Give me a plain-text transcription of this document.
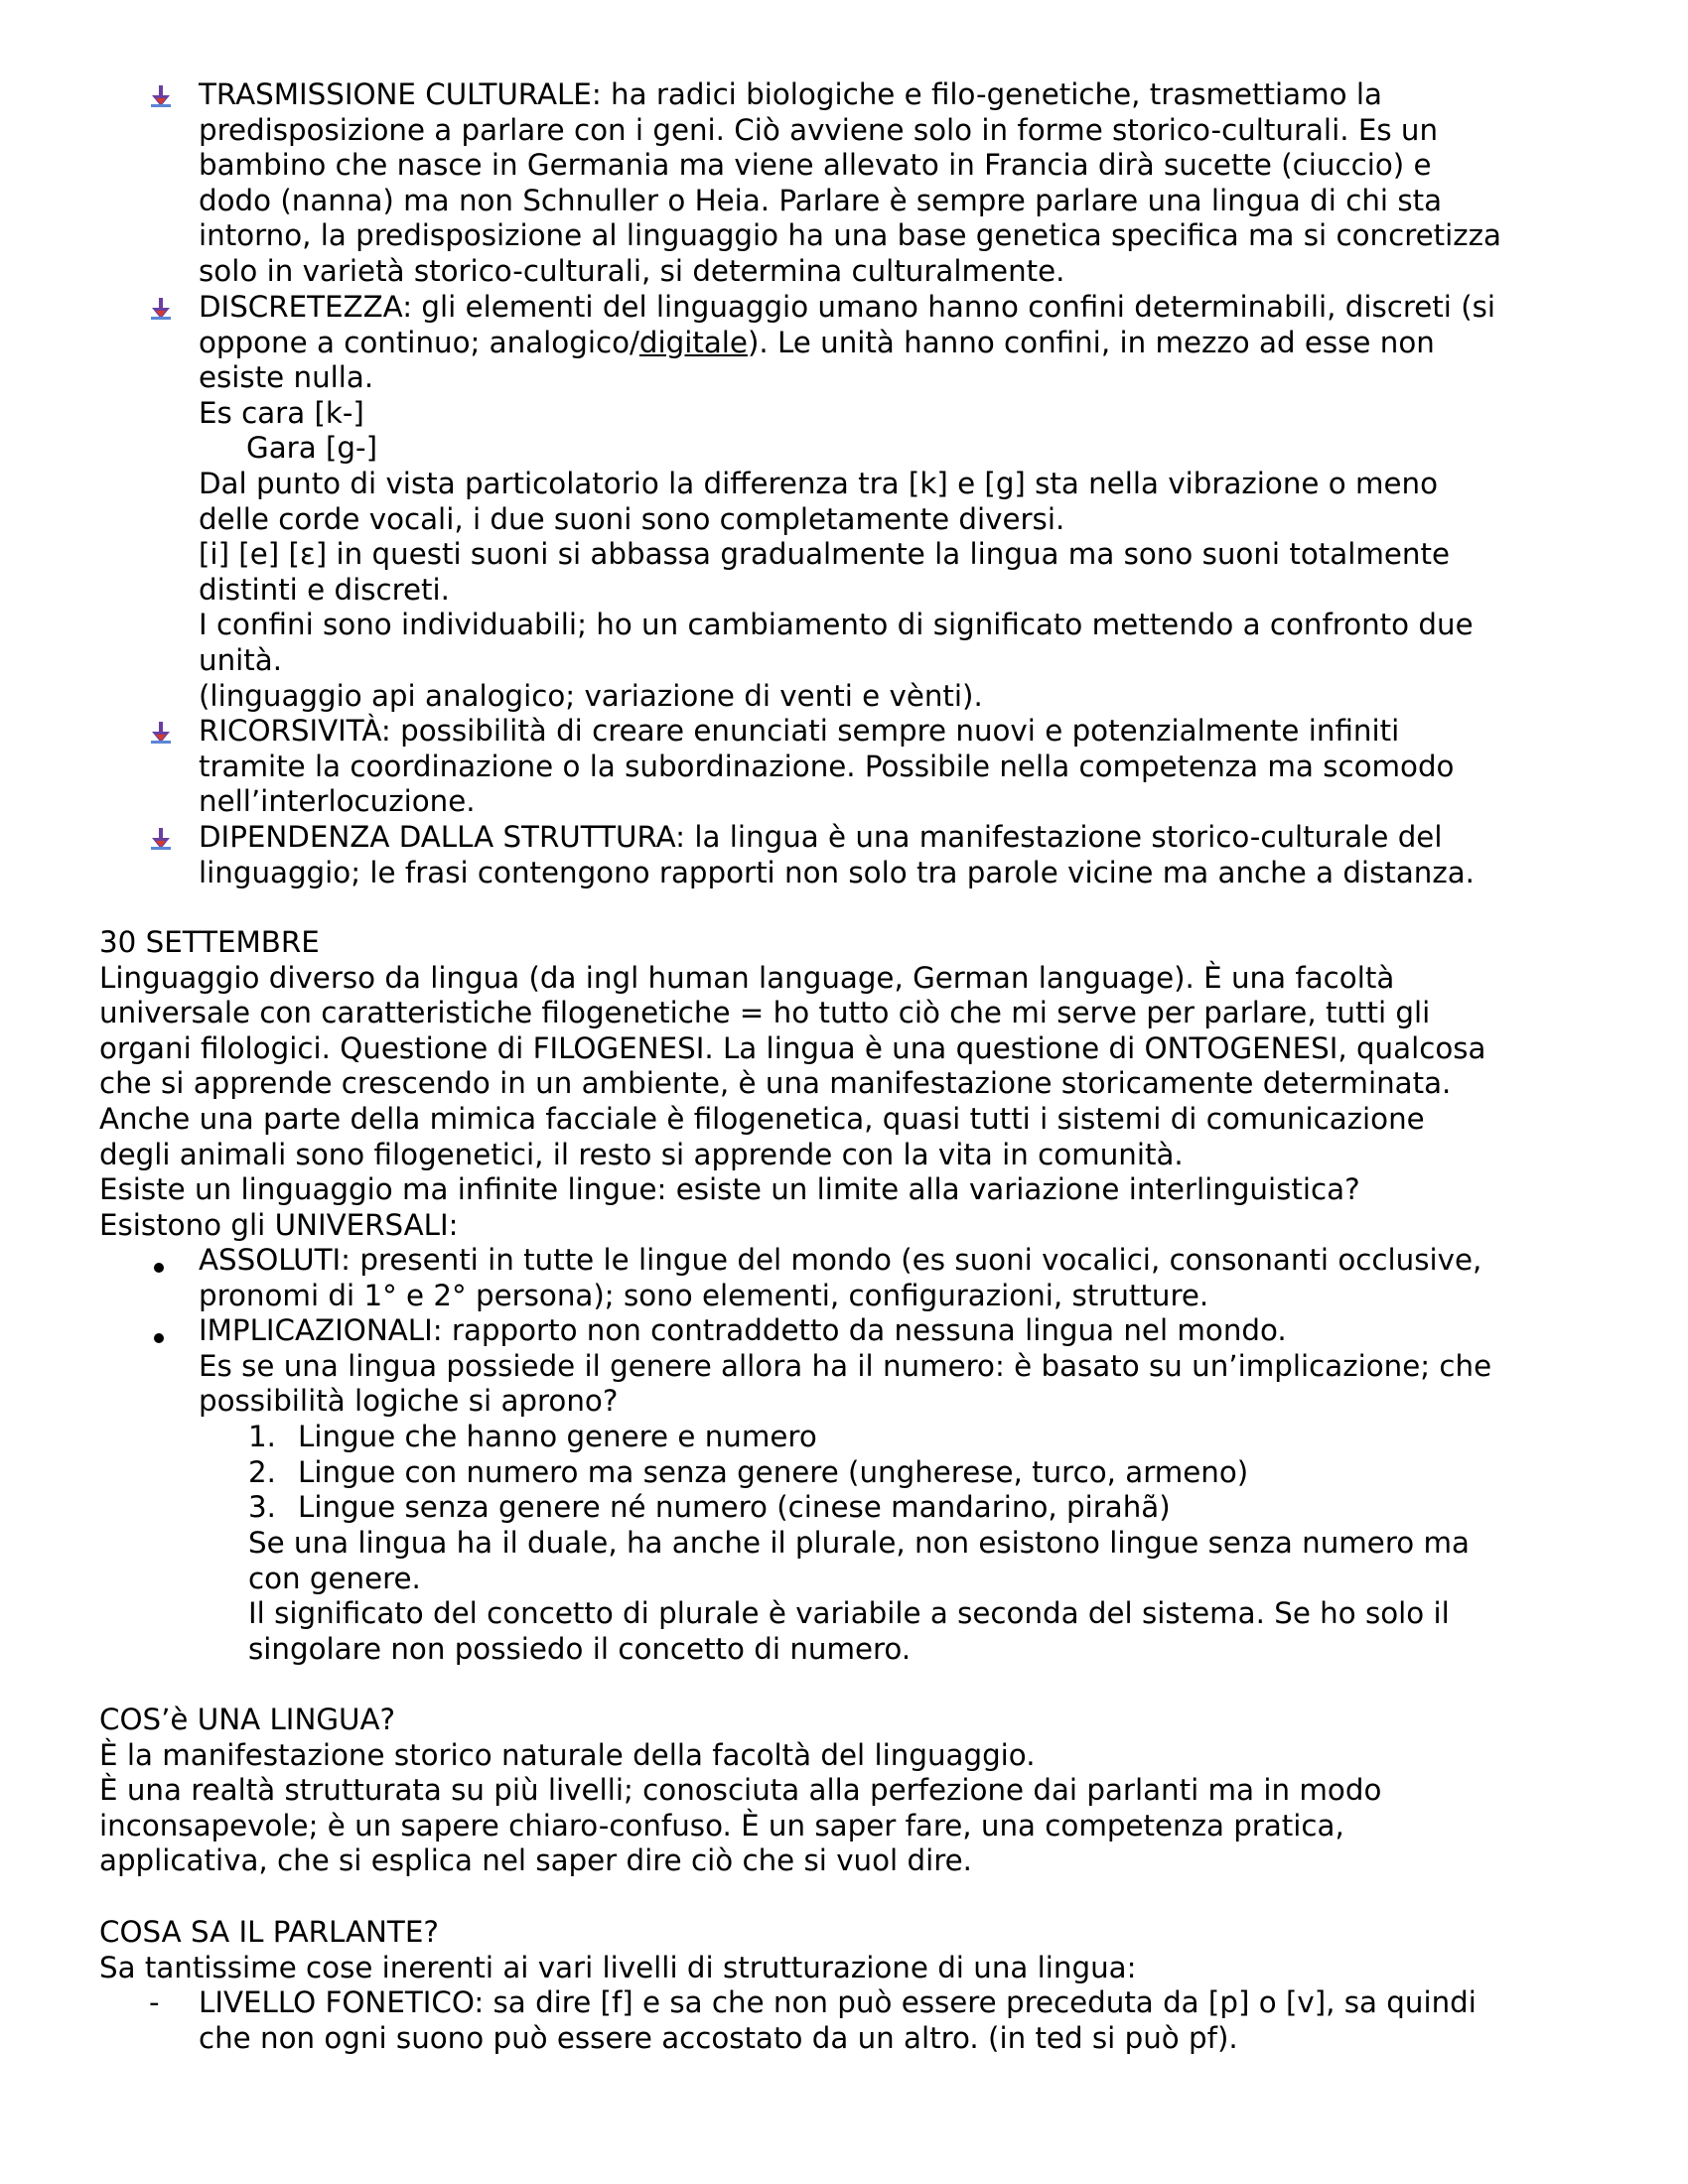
TRASMISSIONE CULTURALE: ha radici biologiche e filo-genetiche, trasmettiamo la
predisposizione a parlare con i geni. Ciò avviene solo in forme storico-culturali. Es un
bambino che nasce in Germania ma viene allevato in Francia dirà sucette (ciuccio) e
dodo (nanna) ma non Schnuller o Heia. Parlare è sempre parlare una lingua di chi sta
intorno, la predisposizione al linguaggio ha una base genetica specifica ma si concretizza
solo in varietà storico-culturali, si determina culturalmente.
DISCRETEZZA: gli elementi del linguaggio umano hanno confini determinabili, discreti (si
oppone a continuo; analogico/digitale). Le unità hanno confini, in mezzo ad esse non
esiste nulla.
Es cara [k-]
Gara [g-]
Dal punto di vista particolatorio la differenza tra [k] e [g] sta nella vibrazione o meno
delle corde vocali, i due suoni sono completamente diversi.
[i] [e] [ɛ] in questi suoni si abbassa gradualmente la lingua ma sono suoni totalmente
distinti e discreti.
I confini sono individuabili; ho un cambiamento di significato mettendo a confronto due
unità.
(linguaggio api analogico; variazione di venti e vènti).
RICORSIVITÀ: possibilità di creare enunciati sempre nuovi e potenzialmente infiniti
tramite la coordinazione o la subordinazione. Possibile nella competenza ma scomodo
nell’interlocuzione.
DIPENDENZA DALLA STRUTTURA: la lingua è una manifestazione storico-culturale del
linguaggio; le frasi contengono rapporti non solo tra parole vicine ma anche a distanza.
30 SETTEMBRE
Linguaggio diverso da lingua (da ingl human language, German language). È una facoltà
universale con caratteristiche filogenetiche = ho tutto ciò che mi serve per parlare, tutti gli
organi filologici. Questione di FILOGENESI. La lingua è una questione di ONTOGENESI, qualcosa
che si apprende crescendo in un ambiente, è una manifestazione storicamente determinata.
Anche una parte della mimica facciale è filogenetica, quasi tutti i sistemi di comunicazione
degli animali sono filogenetici, il resto si apprende con la vita in comunità.
Esiste un linguaggio ma infinite lingue: esiste un limite alla variazione interlinguistica?
Esistono gli UNIVERSALI:
ASSOLUTI: presenti in tutte le lingue del mondo (es suoni vocalici, consonanti occlusive,
pronomi di 1° e 2° persona); sono elementi, configurazioni, strutture.
IMPLICAZIONALI: rapporto non contraddetto da nessuna lingua nel mondo.
Es se una lingua possiede il genere allora ha il numero: è basato su un’implicazione; che
possibilità logiche si aprono?
1. Lingue che hanno genere e numero
2. Lingue con numero ma senza genere (ungherese, turco, armeno)
3. Lingue senza genere né numero (cinese mandarino, pirahã)
Se una lingua ha il duale, ha anche il plurale, non esistono lingue senza numero ma
con genere.
Il significato del concetto di plurale è variabile a seconda del sistema. Se ho solo il
singolare non possiedo il concetto di numero.
COS’è UNA LINGUA?
È la manifestazione storico naturale della facoltà del linguaggio.
È una realtà strutturata su più livelli; conosciuta alla perfezione dai parlanti ma in modo
inconsapevole; è un sapere chiaro-confuso. È un saper fare, una competenza pratica,
applicativa, che si esplica nel saper dire ciò che si vuol dire.
COSA SA IL PARLANTE?
Sa tantissime cose inerenti ai vari livelli di strutturazione di una lingua:
- LIVELLO FONETICO: sa dire [f] e sa che non può essere preceduta da [p] o [v], sa quindi
che non ogni suono può essere accostato da un altro. (in ted si può pf).
